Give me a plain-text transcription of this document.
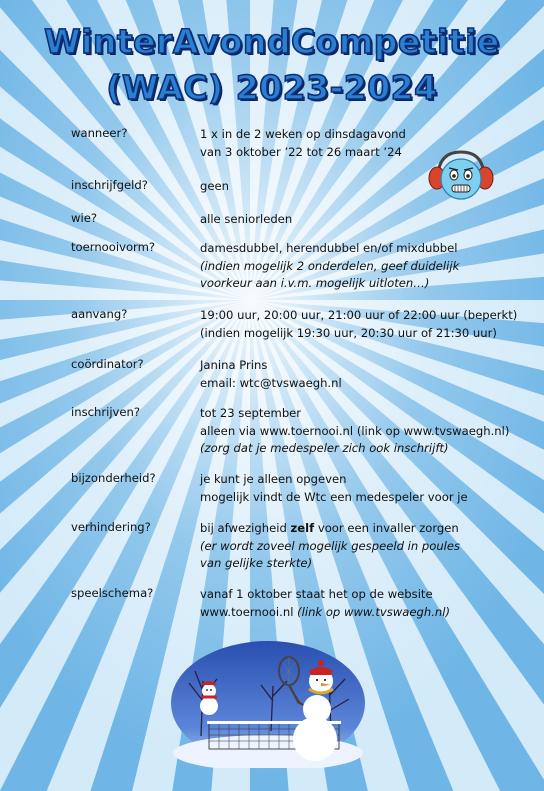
WinterAvondCompetitie
(WAC) 2023-2024
wanneer?	1 x in de 2 weken op dinsdagavond
van 3 oktober ’22 tot 26 maart ’24
inschrijfgeld?	geen
wie?	alle seniorleden
toernooivorm?	damesdubbel, herendubbel en/of mixdubbel
(indien mogelijk 2 onderdelen, geef duidelijk
voorkeur aan i.v.m. mogelijk uitloten…)
aanvang?	19:00 uur, 20:00 uur, 21:00 uur of 22:00 uur (beperkt)
(indien mogelijk 19:30 uur, 20:30 uur of 21:30 uur)
coördinator?	Janina Prins
email: wtc@tvswaegh.nl
inschrijven?	tot 23 september
alleen via www.toernooi.nl (link op www.tvswaegh.nl)
(zorg dat je medespeler zich ook inschrijft)
bijzonderheid?	je kunt je alleen opgeven
mogelijk vindt de Wtc een medespeler voor je
verhindering?	bij afwezigheid zelf voor een invaller zorgen
(er wordt zoveel mogelijk gespeeld in poules
van gelijke sterkte)
speelschema?	vanaf 1 oktober staat het op de website
www.toernooi.nl (link op www.tvswaegh.nl)
